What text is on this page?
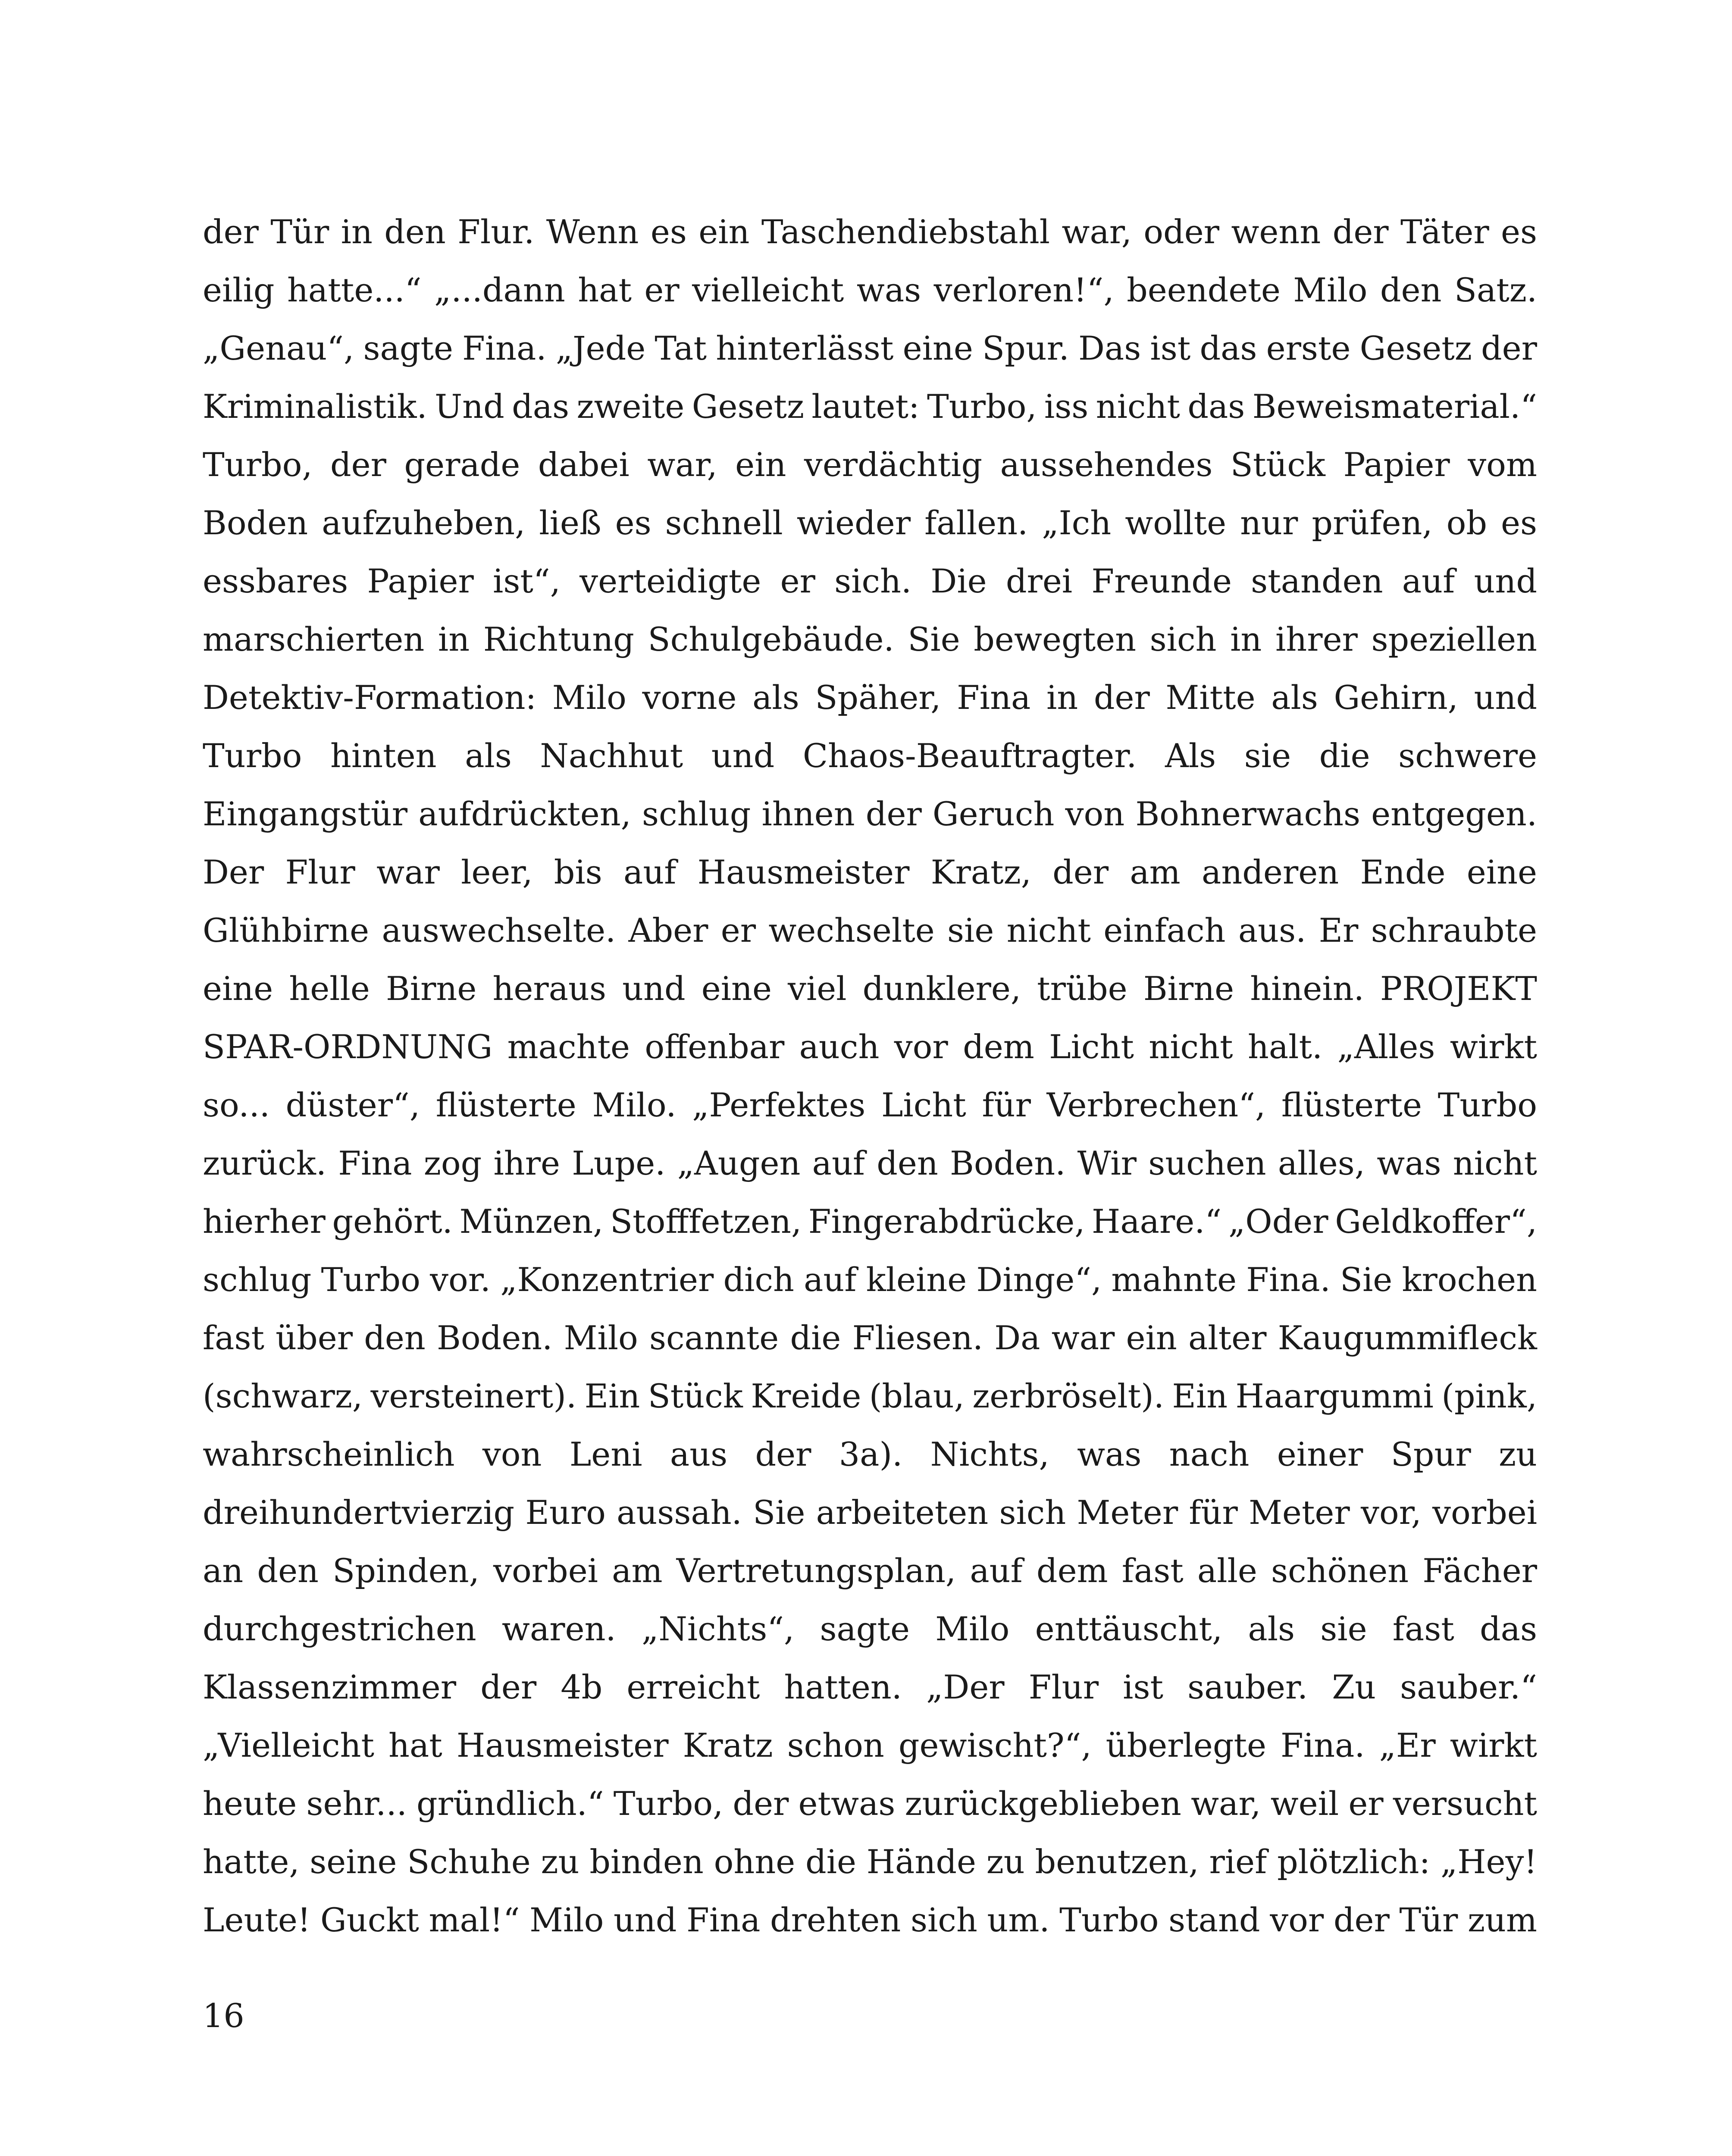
der Tür in den Flur. Wenn es ein Taschendiebstahl war, oder wenn der Täter es
eilig hatte...“ „...dann hat er vielleicht was verloren!“, beendete Milo den Satz.
„Genau“, sagte Fina. „Jede Tat hinterlässt eine Spur. Das ist das erste Gesetz der
Kriminalistik. Und das zweite Gesetz lautet: Turbo, iss nicht das Beweismaterial.“
Turbo, der gerade dabei war, ein verdächtig aussehendes Stück Papier vom
Boden aufzuheben, ließ es schnell wieder fallen. „Ich wollte nur prüfen, ob es
essbares Papier ist“, verteidigte er sich. Die drei Freunde standen auf und
marschierten in Richtung Schulgebäude. Sie bewegten sich in ihrer speziellen
Detektiv-Formation: Milo vorne als Späher, Fina in der Mitte als Gehirn, und
Turbo hinten als Nachhut und Chaos-Beauftragter. Als sie die schwere
Eingangstür aufdrückten, schlug ihnen der Geruch von Bohnerwachs entgegen.
Der Flur war leer, bis auf Hausmeister Kratz, der am anderen Ende eine
Glühbirne auswechselte. Aber er wechselte sie nicht einfach aus. Er schraubte
eine helle Birne heraus und eine viel dunklere, trübe Birne hinein. PROJEKT
SPAR-ORDNUNG machte offenbar auch vor dem Licht nicht halt. „Alles wirkt
so... düster“, flüsterte Milo. „Perfektes Licht für Verbrechen“, flüsterte Turbo
zurück. Fina zog ihre Lupe. „Augen auf den Boden. Wir suchen alles, was nicht
hierher gehört. Münzen, Stofffetzen, Fingerabdrücke, Haare.“ „Oder Geldkoffer“,
schlug Turbo vor. „Konzentrier dich auf kleine Dinge“, mahnte Fina. Sie krochen
fast über den Boden. Milo scannte die Fliesen. Da war ein alter Kaugummifleck
(schwarz, versteinert). Ein Stück Kreide (blau, zerbröselt). Ein Haargummi (pink,
wahrscheinlich von Leni aus der 3a). Nichts, was nach einer Spur zu
dreihundertvierzig Euro aussah. Sie arbeiteten sich Meter für Meter vor, vorbei
an den Spinden, vorbei am Vertretungsplan, auf dem fast alle schönen Fächer
durchgestrichen waren. „Nichts“, sagte Milo enttäuscht, als sie fast das
Klassenzimmer der 4b erreicht hatten. „Der Flur ist sauber. Zu sauber.“
„Vielleicht hat Hausmeister Kratz schon gewischt?“, überlegte Fina. „Er wirkt
heute sehr... gründlich.“ Turbo, der etwas zurückgeblieben war, weil er versucht
hatte, seine Schuhe zu binden ohne die Hände zu benutzen, rief plötzlich: „Hey!
Leute! Guckt mal!“ Milo und Fina drehten sich um. Turbo stand vor der Tür zum
16
